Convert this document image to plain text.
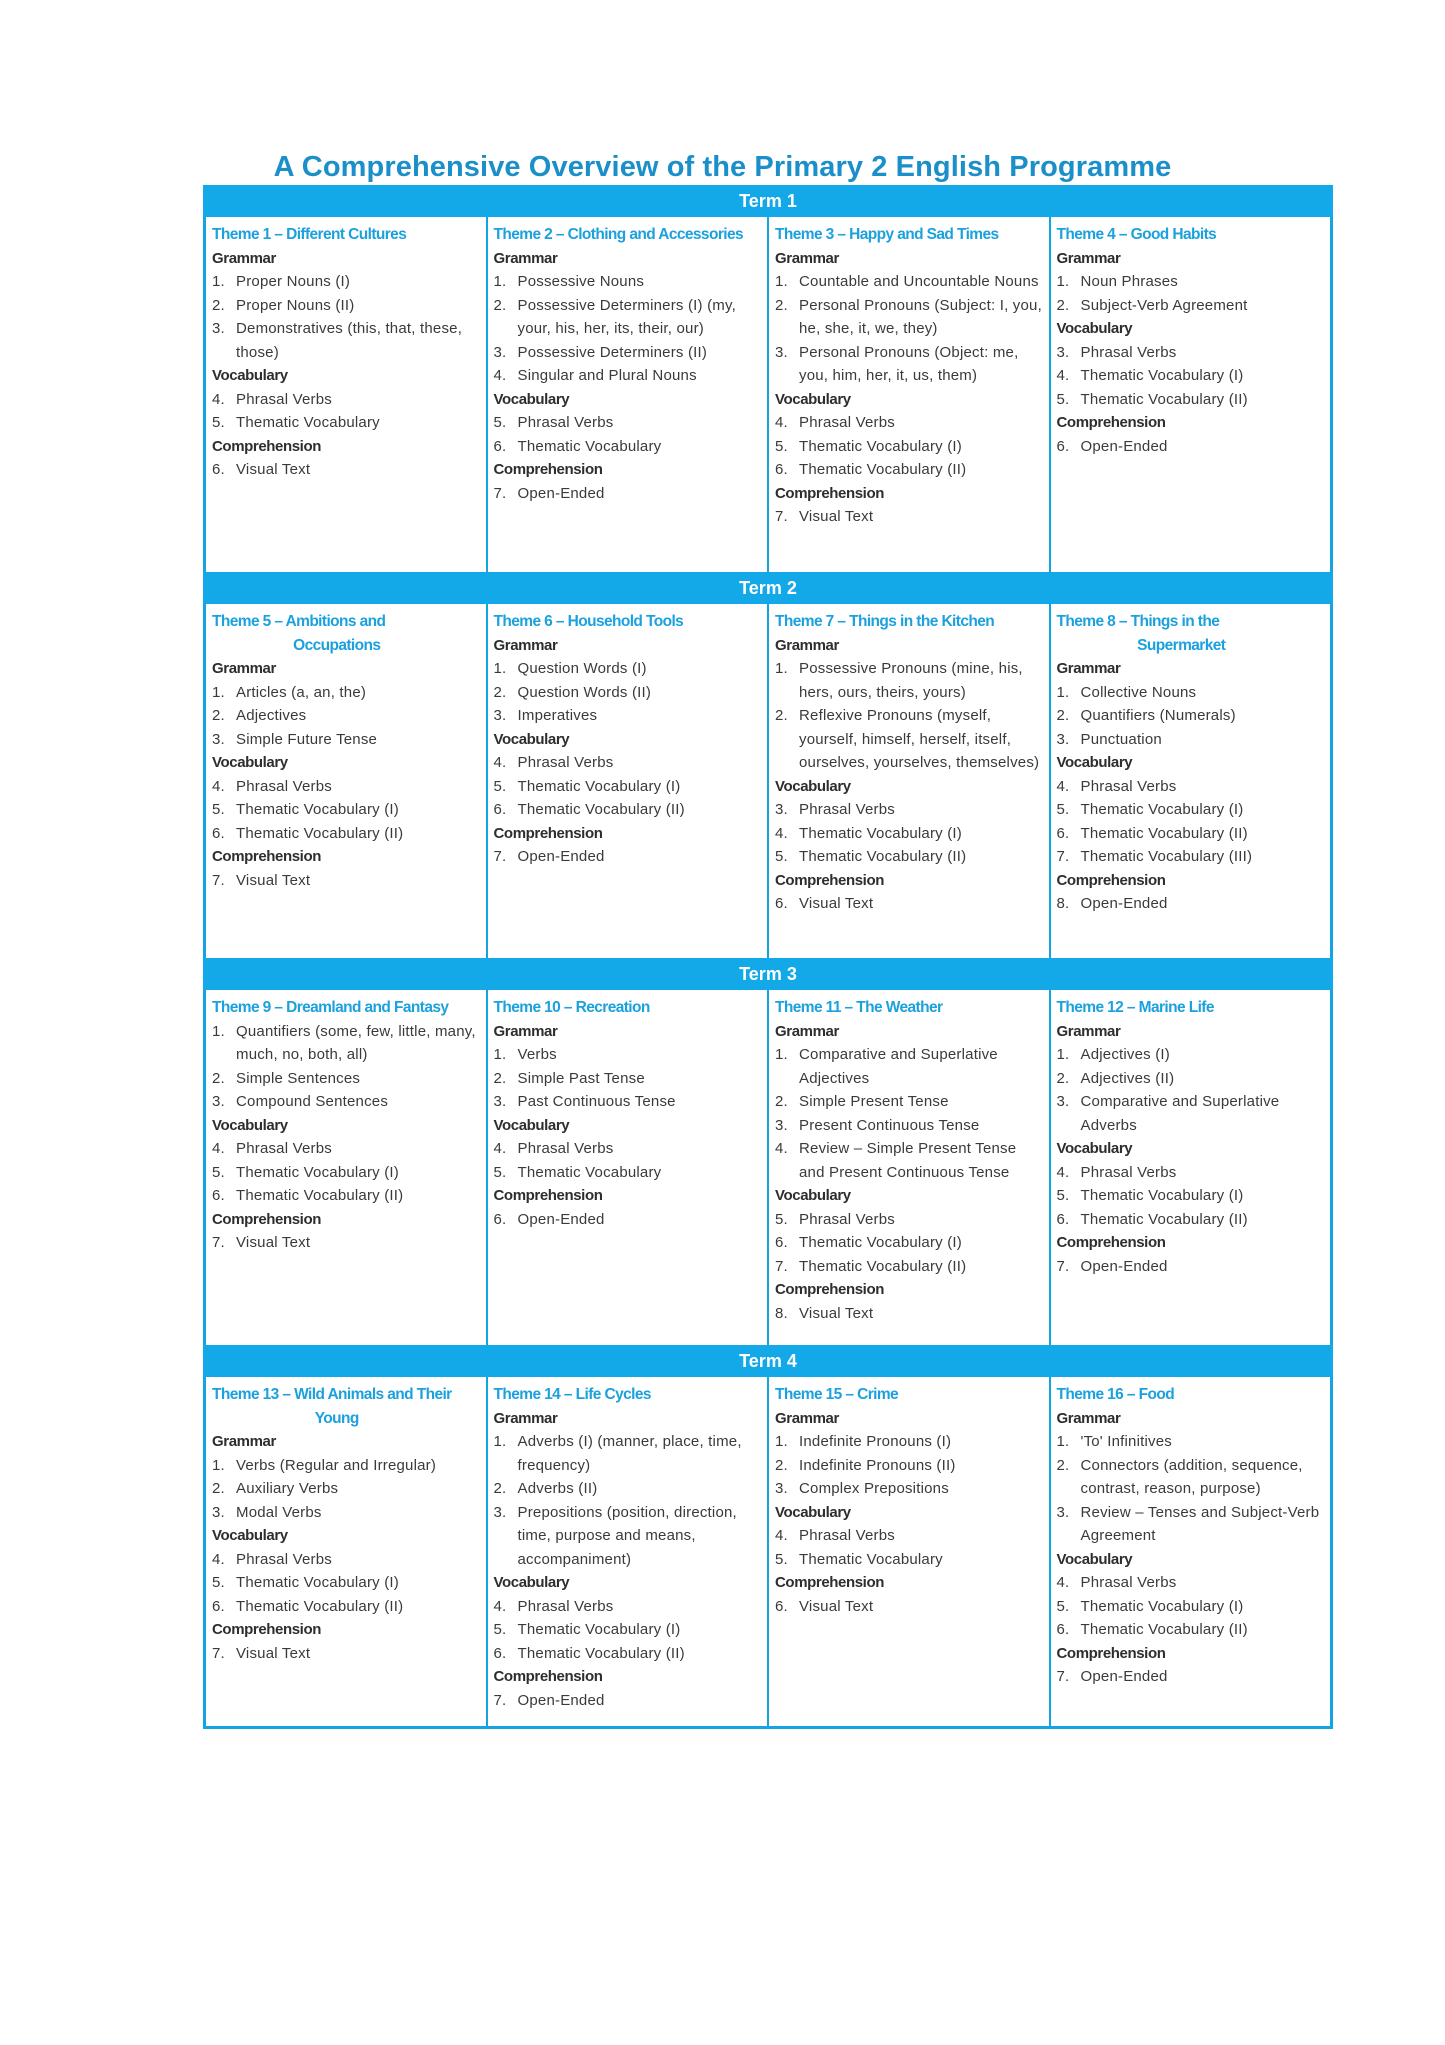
A Comprehensive Overview of the Primary 2 English Programme
Term 1
Theme 1 – Different Cultures
Grammar
1. Proper Nouns (I)
2. Proper Nouns (II)
3. Demonstratives (this, that, these, those)
Vocabulary
4. Phrasal Verbs
5. Thematic Vocabulary
Comprehension
6. Visual Text
Theme 2 – Clothing and Accessories
Grammar
1. Possessive Nouns
2. Possessive Determiners (I) (my, your, his, her, its, their, our)
3. Possessive Determiners (II)
4. Singular and Plural Nouns
Vocabulary
5. Phrasal Verbs
6. Thematic Vocabulary
Comprehension
7. Open-Ended
Theme 3 – Happy and Sad Times
Grammar
1. Countable and Uncountable Nouns
2. Personal Pronouns (Subject: I, you, he, she, it, we, they)
3. Personal Pronouns (Object: me, you, him, her, it, us, them)
Vocabulary
4. Phrasal Verbs
5. Thematic Vocabulary (I)
6. Thematic Vocabulary (II)
Comprehension
7. Visual Text
Theme 4 – Good Habits
Grammar
1. Noun Phrases
2. Subject-Verb Agreement
Vocabulary
3. Phrasal Verbs
4. Thematic Vocabulary (I)
5. Thematic Vocabulary (II)
Comprehension
6. Open-Ended
Term 2
Theme 5 – Ambitions and
Occupations
Grammar
1. Articles (a, an, the)
2. Adjectives
3. Simple Future Tense
Vocabulary
4. Phrasal Verbs
5. Thematic Vocabulary (I)
6. Thematic Vocabulary (II)
Comprehension
7. Visual Text
Theme 6 – Household Tools
Grammar
1. Question Words (I)
2. Question Words (II)
3. Imperatives
Vocabulary
4. Phrasal Verbs
5. Thematic Vocabulary (I)
6. Thematic Vocabulary (II)
Comprehension
7. Open-Ended
Theme 7 – Things in the Kitchen
Grammar
1. Possessive Pronouns (mine, his, hers, ours, theirs, yours)
2. Reflexive Pronouns (myself, yourself, himself, herself, itself, ourselves, yourselves, themselves)
Vocabulary
3. Phrasal Verbs
4. Thematic Vocabulary (I)
5. Thematic Vocabulary (II)
Comprehension
6. Visual Text
Theme 8 – Things in the
Supermarket
Grammar
1. Collective Nouns
2. Quantifiers (Numerals)
3. Punctuation
Vocabulary
4. Phrasal Verbs
5. Thematic Vocabulary (I)
6. Thematic Vocabulary (II)
7. Thematic Vocabulary (III)
Comprehension
8. Open-Ended
Term 3
Theme 9 – Dreamland and Fantasy
1. Quantifiers (some, few, little, many, much, no, both, all)
2. Simple Sentences
3. Compound Sentences
Vocabulary
4. Phrasal Verbs
5. Thematic Vocabulary (I)
6. Thematic Vocabulary (II)
Comprehension
7. Visual Text
Theme 10 – Recreation
Grammar
1. Verbs
2. Simple Past Tense
3. Past Continuous Tense
Vocabulary
4. Phrasal Verbs
5. Thematic Vocabulary
Comprehension
6. Open-Ended
Theme 11 – The Weather
Grammar
1. Comparative and Superlative Adjectives
2. Simple Present Tense
3. Present Continuous Tense
4. Review – Simple Present Tense and Present Continuous Tense
Vocabulary
5. Phrasal Verbs
6. Thematic Vocabulary (I)
7. Thematic Vocabulary (II)
Comprehension
8. Visual Text
Theme 12 – Marine Life
Grammar
1. Adjectives (I)
2. Adjectives (II)
3. Comparative and Superlative Adverbs
Vocabulary
4. Phrasal Verbs
5. Thematic Vocabulary (I)
6. Thematic Vocabulary (II)
Comprehension
7. Open-Ended
Term 4
Theme 13 – Wild Animals and Their
Young
Grammar
1. Verbs (Regular and Irregular)
2. Auxiliary Verbs
3. Modal Verbs
Vocabulary
4. Phrasal Verbs
5. Thematic Vocabulary (I)
6. Thematic Vocabulary (II)
Comprehension
7. Visual Text
Theme 14 – Life Cycles
Grammar
1. Adverbs (I) (manner, place, time, frequency)
2. Adverbs (II)
3. Prepositions (position, direction, time, purpose and means, accompaniment)
Vocabulary
4. Phrasal Verbs
5. Thematic Vocabulary (I)
6. Thematic Vocabulary (II)
Comprehension
7. Open-Ended
Theme 15 – Crime
Grammar
1. Indefinite Pronouns (I)
2. Indefinite Pronouns (II)
3. Complex Prepositions
Vocabulary
4. Phrasal Verbs
5. Thematic Vocabulary
Comprehension
6. Visual Text
Theme 16 – Food
Grammar
1. 'To' Infinitives
2. Connectors (addition, sequence, contrast, reason, purpose)
3. Review – Tenses and Subject-Verb Agreement
Vocabulary
4. Phrasal Verbs
5. Thematic Vocabulary (I)
6. Thematic Vocabulary (II)
Comprehension
7. Open-Ended
